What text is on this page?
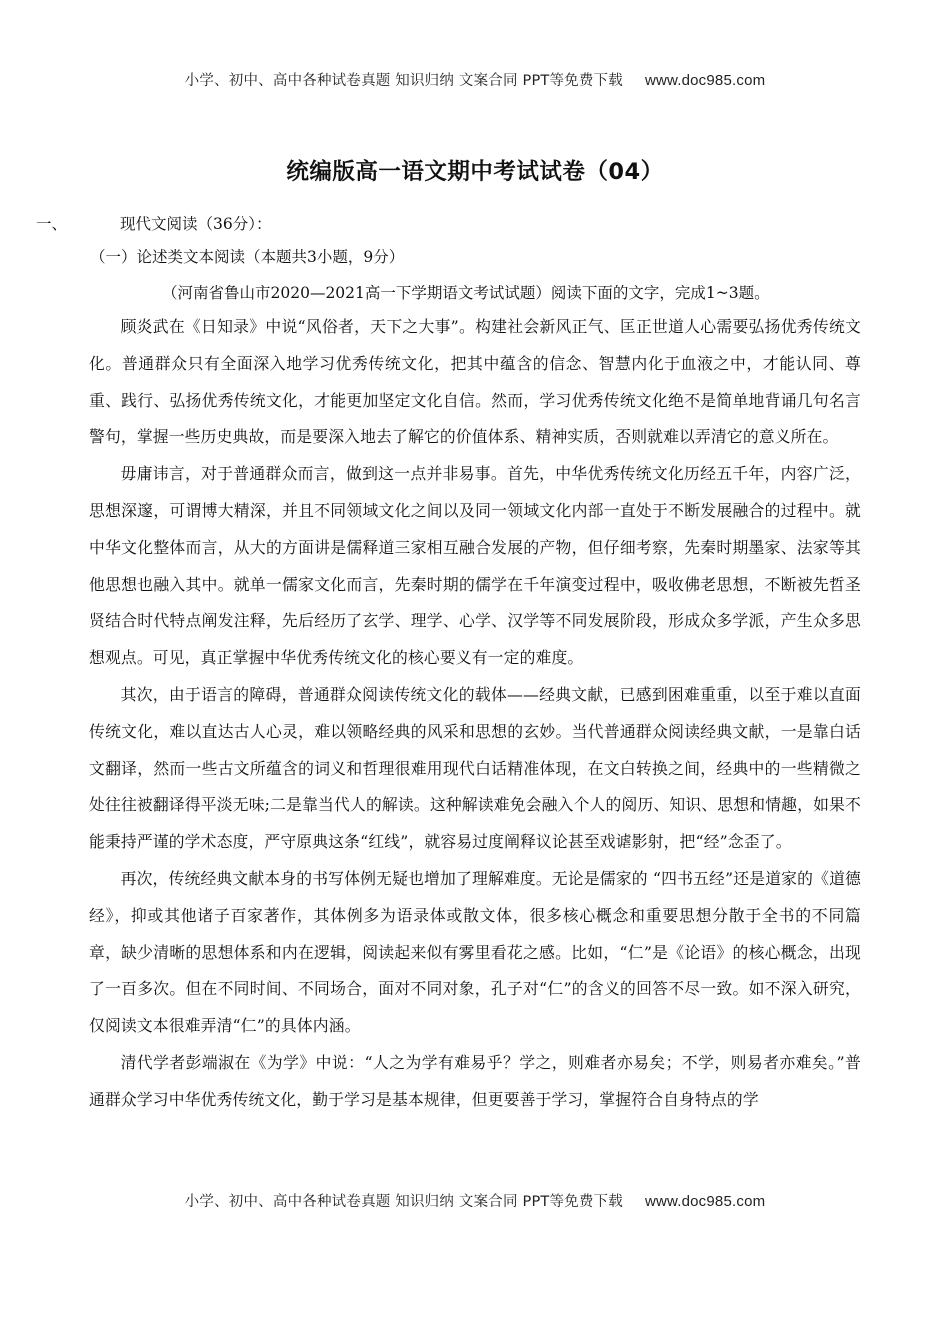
小学、初中、高中各种试卷真题 知识归纳 文案合同 PPT等免费下载 www.doc985.com
统编版高一语文期中考试试卷（04）
一、	现代文阅读（36分）：
（一）论述类文本阅读（本题共3小题，9分）
（河南省鲁山市2020—2021高一下学期语文考试试题）阅读下面的文字，完成1~3题。

顾炎武在《日知录》中说“风俗者，天下之大事”。构建社会新风正气、匡正世道人心需要弘扬优秀传统文化。普通群众只有全面深入地学习优秀传统文化，把其中蕴含的信念、智慧内化于血液之中，才能认同、尊重、践行、弘扬优秀传统文化，才能更加坚定文化自信。然而，学习优秀传统文化绝不是简单地背诵几句名言警句，掌握一些历史典故，而是要深入地去了解它的价值体系、精神实质，否则就难以弄清它的意义所在。

毋庸讳言，对于普通群众而言，做到这一点并非易事。首先，中华优秀传统文化历经五千年，内容广泛，思想深邃，可谓博大精深，并且不同领域文化之间以及同一领域文化内部一直处于不断发展融合的过程中。就中华文化整体而言，从大的方面讲是儒释道三家相互融合发展的产物，但仔细考察，先秦时期墨家、法家等其他思想也融入其中。就单一儒家文化而言，先秦时期的儒学在千年演变过程中，吸收佛老思想，不断被先哲圣贤结合时代特点阐发注释，先后经历了玄学、理学、心学、汉学等不同发展阶段，形成众多学派，产生众多思想观点。可见，真正掌握中华优秀传统文化的核心要义有一定的难度。

其次，由于语言的障碍，普通群众阅读传统文化的载体——经典文献，已感到困难重重，以至于难以直面传统文化，难以直达古人心灵，难以领略经典的风采和思想的玄妙。当代普通群众阅读经典文献，一是靠白话文翻译，然而一些古文所蕴含的词义和哲理很难用现代白话精准体现，在文白转换之间，经典中的一些精微之处往往被翻译得平淡无味;二是靠当代人的解读。这种解读难免会融入个人的阅历、知识、思想和情趣，如果不能秉持严谨的学术态度，严守原典这条“红线”，就容易过度阐释议论甚至戏谑影射，把“经”念歪了。

再次，传统经典文献本身的书写体例无疑也增加了理解难度。无论是儒家的 “四书五经”还是道家的《道德经》，抑或其他诸子百家著作，其体例多为语录体或散文体，很多核心概念和重要思想分散于全书的不同篇章，缺少清晰的思想体系和内在逻辑，阅读起来似有雾里看花之感。比如，“仁”是《论语》的核心概念，出现了一百多次。但在不同时间、不同场合，面对不同对象，孔子对“仁”的含义的回答不尽一致。如不深入研究，仅阅读文本很难弄清“仁”的具体内涵。

清代学者彭端淑在《为学》中说：“人之为学有难易乎？学之，则难者亦易矣；不学，则易者亦难矣。”普通群众学习中华优秀传统文化，勤于学习是基本规律，但更要善于学习，掌握符合自身特点的学

小学、初中、高中各种试卷真题 知识归纳 文案合同 PPT等免费下载 www.doc985.com
